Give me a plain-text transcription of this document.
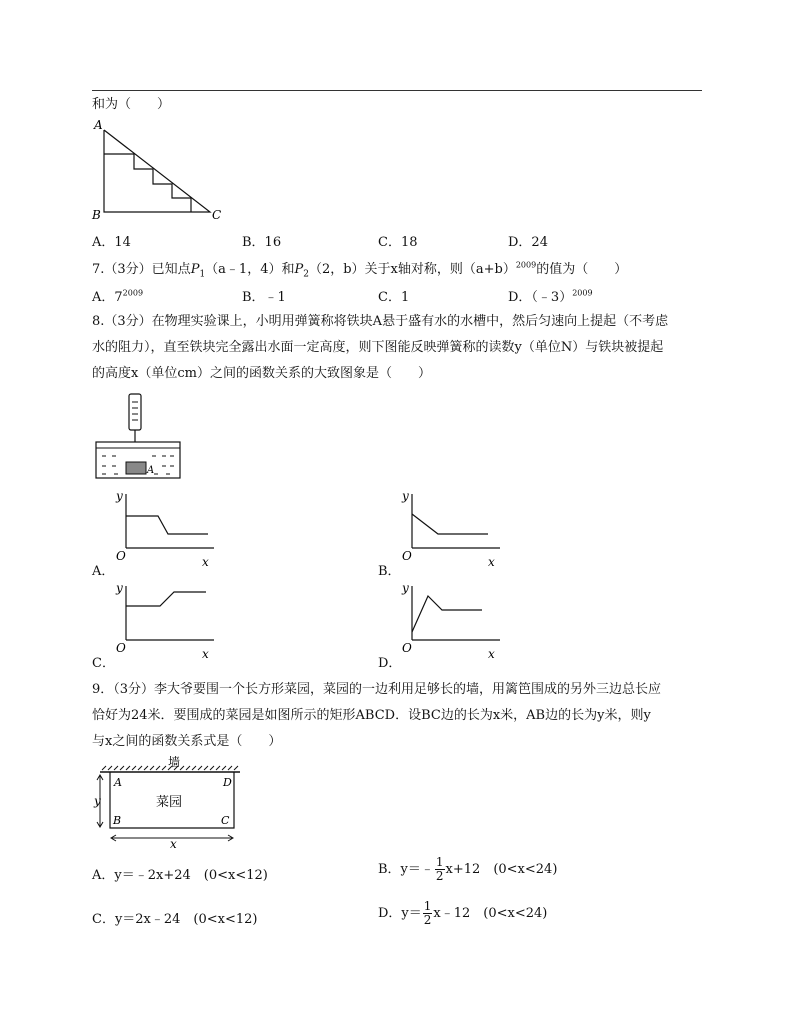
和为（　　）
A
B	C
A．14	B．16	C．18	D．24
7.（3分）已知点$P_1(a﹣1$，4）和$P_2(2$，b）关于x轴对称，则$(a+b)^{2009}$的值为（　　）
A．$7^{2009}$	B．﹣1	C．1	D．（﹣3）$^{2009}$
8.（3分）在物理实验课上，小明用弹簧称将铁块A悬于盛有水的水槽中，然后匀速向上提起（不考虑
水的阻力），直至铁块完全露出水面一定高度，则下图能反映弹簧称的读数y（单位N）与铁块被提起
的高度x（单位cm）之间的函数关系的大致图象是（　　）
A
A．
y
x
O
B．
y
x
O
C．
y
x
O
D．
y
x
O
9．（3分）李大爷要围一个长方形菜园，菜园的一边利用足够长的墙，用篱笆围成的另外三边总长应
恰好为24米．要围成的菜园是如图所示的矩形ABCD．设BC边的长为x米，AB边的长为y米，则y
与x之间的函数关系式是（　　）
墙
菜园
A	D
B	C
y
x
A．y＝﹣2x+24　(0<x<12)	B．y＝﹣ $\frac{1}{2} x+12$　(0<x<24)
C．y＝2x﹣24　(0<x<12)	D．$y= \frac{1}{2}$ x﹣12　(0<x<24)
